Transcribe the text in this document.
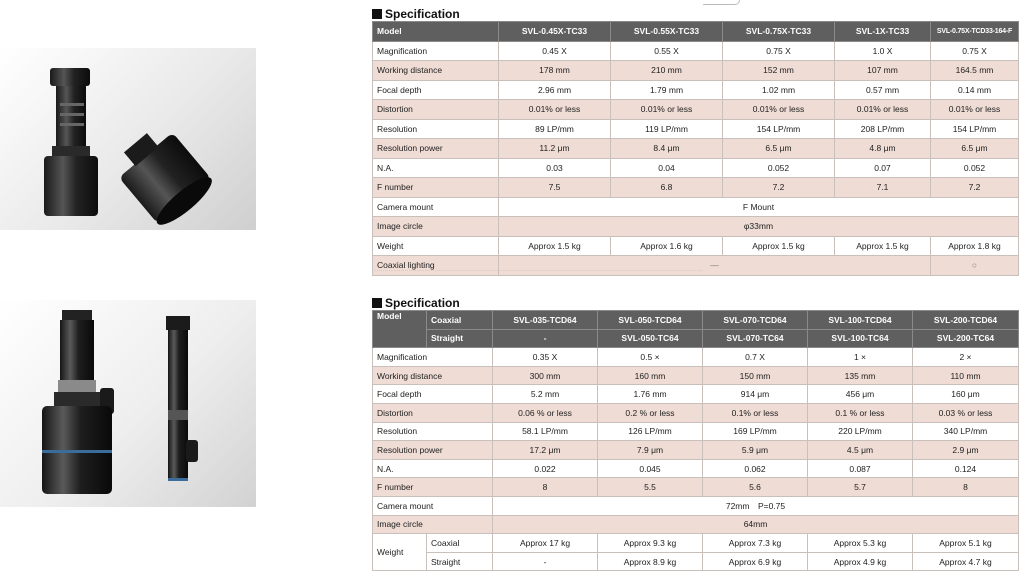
Specification
Model	SVL-0.45X-TC33	SVL-0.55X-TC33	SVL-0.75X-TC33	SVL-1X-TC33	SVL-0.75X-TCD33-164-F
Magnification	0.45 X	0.55 X	0.75 X	1.0 X	0.75 X
Working distance	178 mm	210 mm	152 mm	107 mm	164.5 mm
Focal depth	2.96 mm	1.79 mm	1.02 mm	0.57 mm	0.14 mm
Distortion	0.01% or less	0.01% or less	0.01% or less	0.01% or less	0.01% or less
Resolution	89 LP/mm	119 LP/mm	154 LP/mm	208 LP/mm	154 LP/mm
Resolution power	11.2 μm	8.4 μm	6.5 μm	4.8 μm	6.5 μm
N.A.	0.03	0.04	0.052	0.07	0.052
F number	7.5	6.8	7.2	7.1	7.2
Camera mount	F Mount				
Image circle	φ33mm				
Weight	Approx 1.5 kg	Approx 1.6 kg	Approx 1.5 kg	Approx 1.5 kg	Approx 1.8 kg
Coaxial lighting	—				○
Specification
Model	Coaxial	SVL-035-TCD64	SVL-050-TCD64	SVL-070-TCD64	SVL-100-TCD64	SVL-200-TCD64
	Straight	-	SVL-050-TC64	SVL-070-TC64	SVL-100-TC64	SVL-200-TC64
Magnification		0.35 X	0.5 ×	0.7 X	1 ×	2 ×
Working distance		300 mm	160 mm	150 mm	135 mm	110 mm
Focal depth		5.2 mm	1.76 mm	914 μm	456 μm	160 μm
Distortion		0.06 % or less	0.2 % or less	0.1% or less	0.1 % or less	0.03 % or less
Resolution		58.1 LP/mm	126 LP/mm	169 LP/mm	220 LP/mm	340 LP/mm
Resolution power		17.2 μm	7.9 μm	5.9 μm	4.5 μm	2.9 μm
N.A.		0.022	0.045	0.062	0.087	0.124
F number		8	5.5	5.6	5.7	8
Camera mount		72mm　P=0.75				
Image circle		64mm				
Weight	Coaxial	Approx 17 kg	Approx 9.3 kg	Approx 7.3 kg	Approx 5.3 kg	Approx 5.1 kg
	Straight	-	Approx 8.9 kg	Approx 6.9 kg	Approx 4.9 kg	Approx 4.7 kg
